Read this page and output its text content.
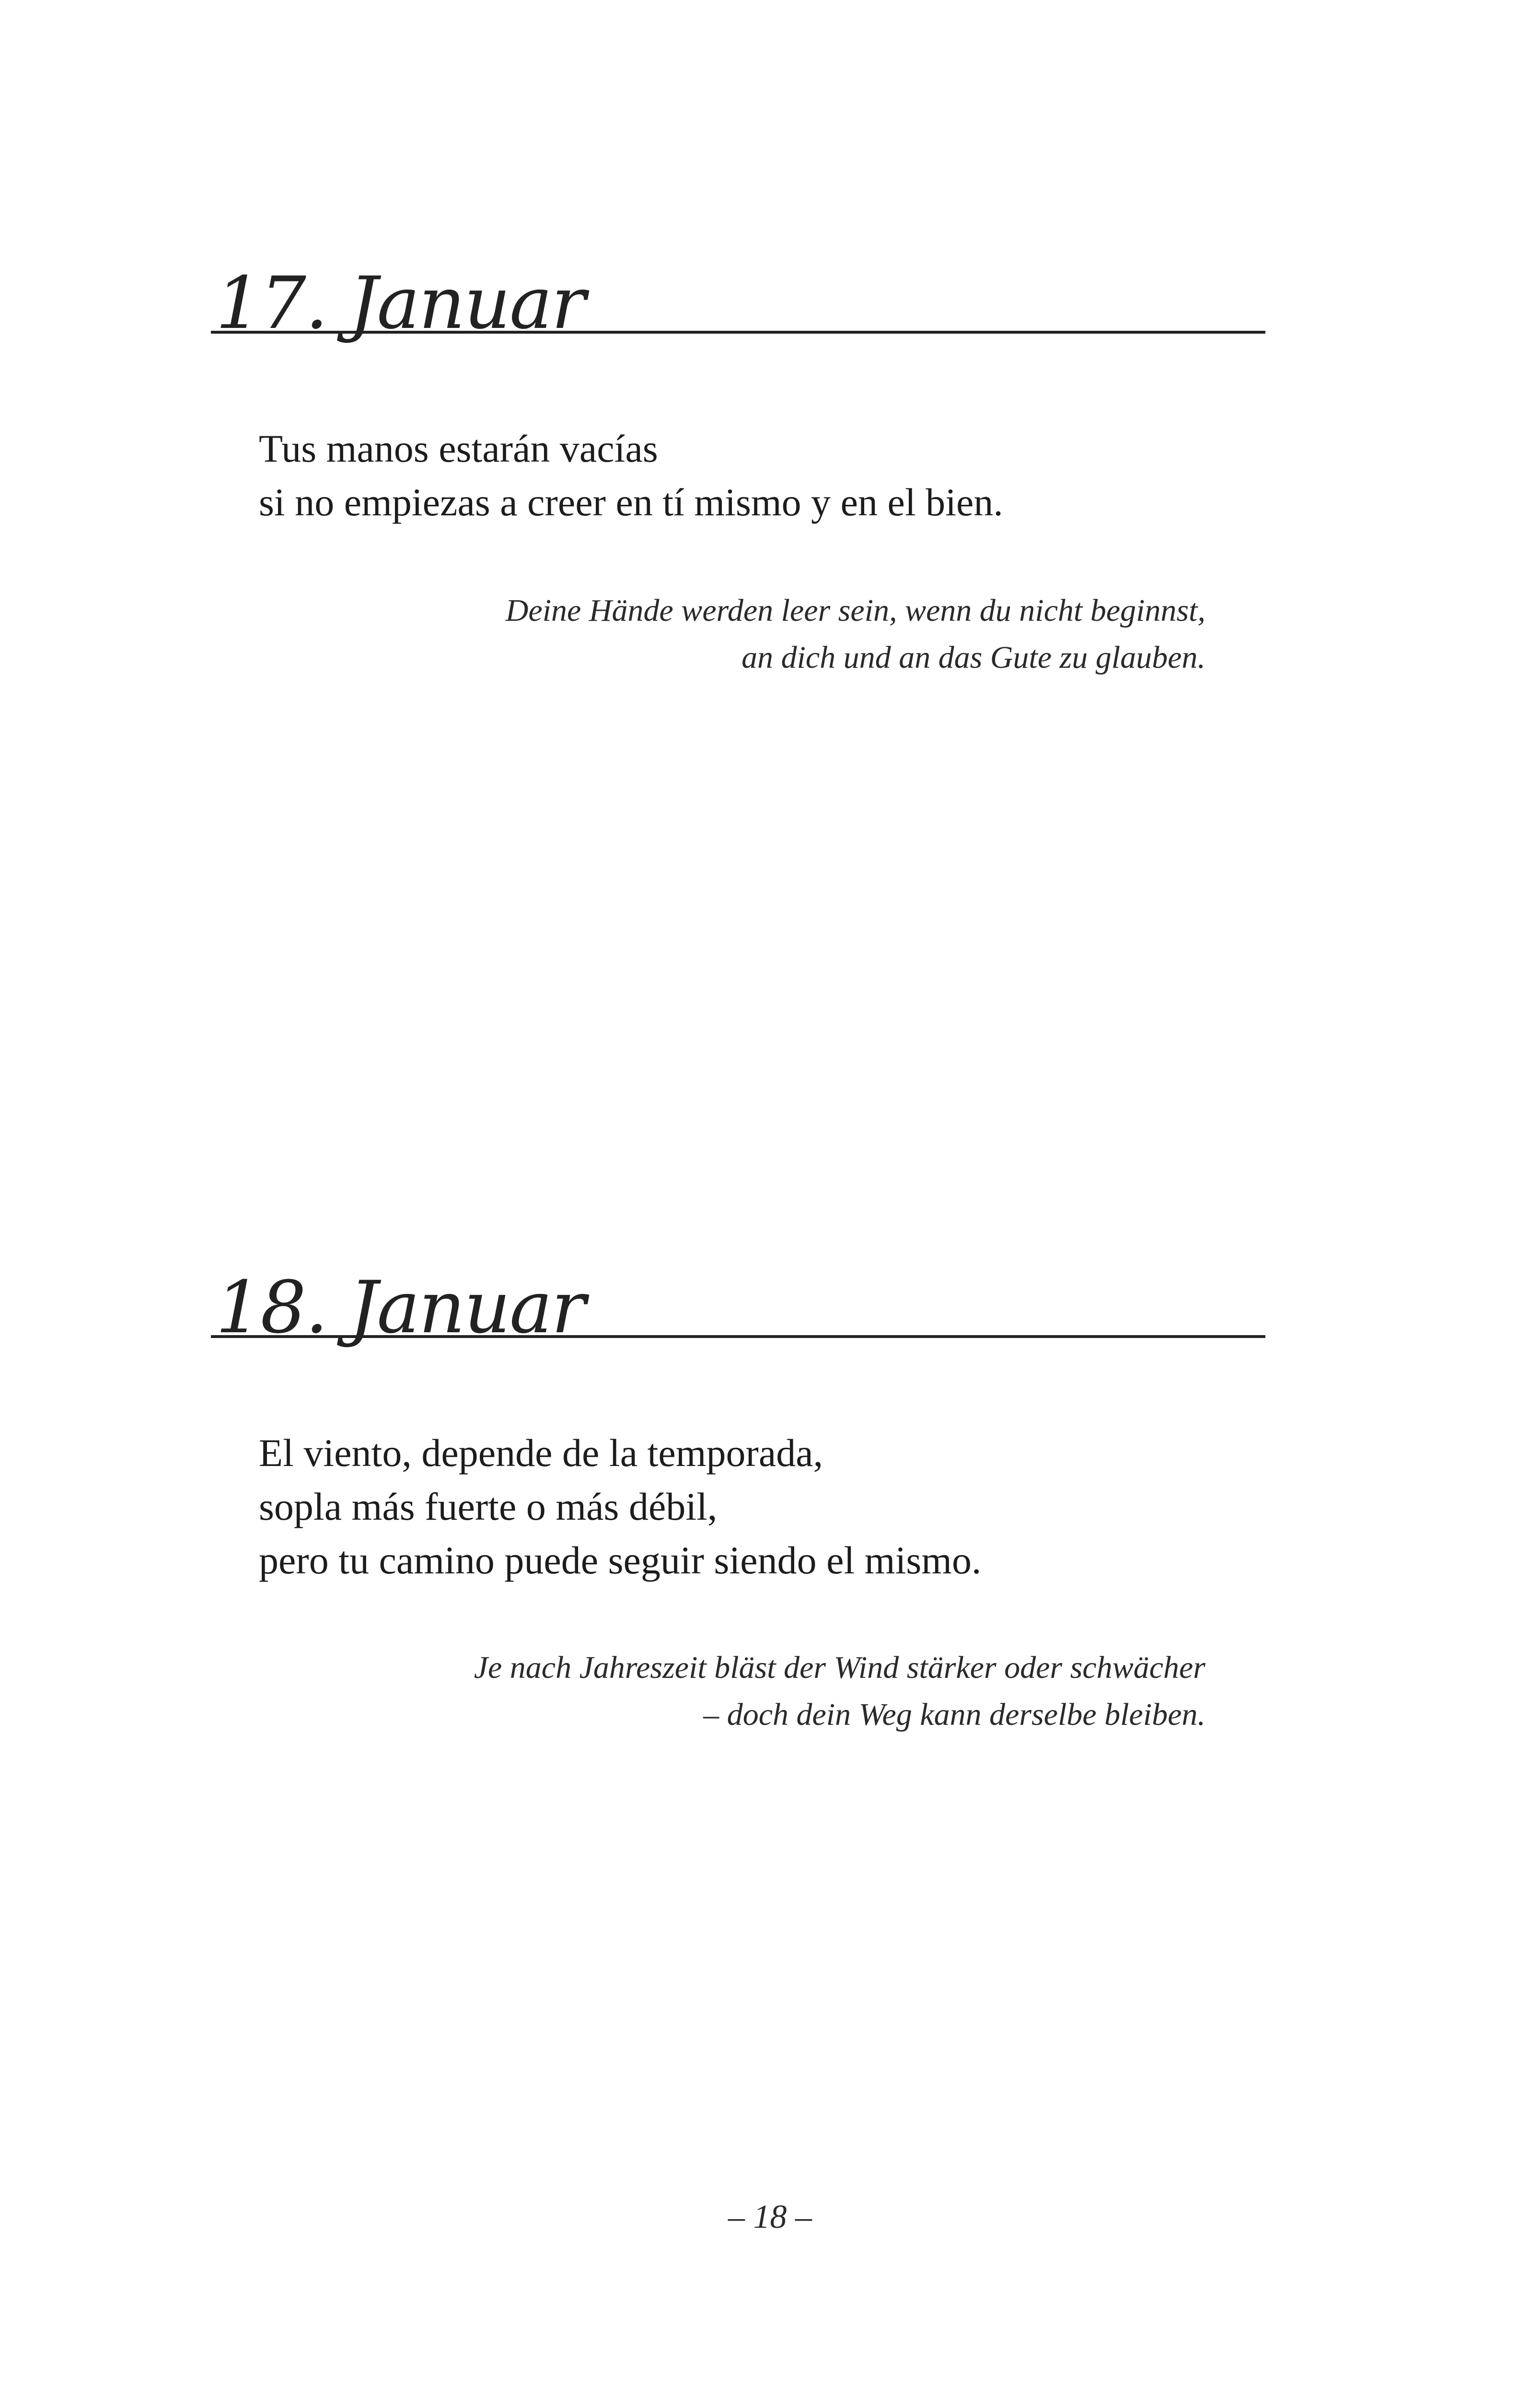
17. Januar
Tus manos estarán vacías
si no empiezas a creer en tí mismo y en el bien.
Deine Hände werden leer sein, wenn du nicht beginnst,
an dich und an das Gute zu glauben.
18. Januar
El viento, depende de la temporada,
sopla más fuerte o más débil,
pero tu camino puede seguir siendo el mismo.
Je nach Jahreszeit bläst der Wind stärker oder schwächer
– doch dein Weg kann derselbe bleiben.
– 18 –
